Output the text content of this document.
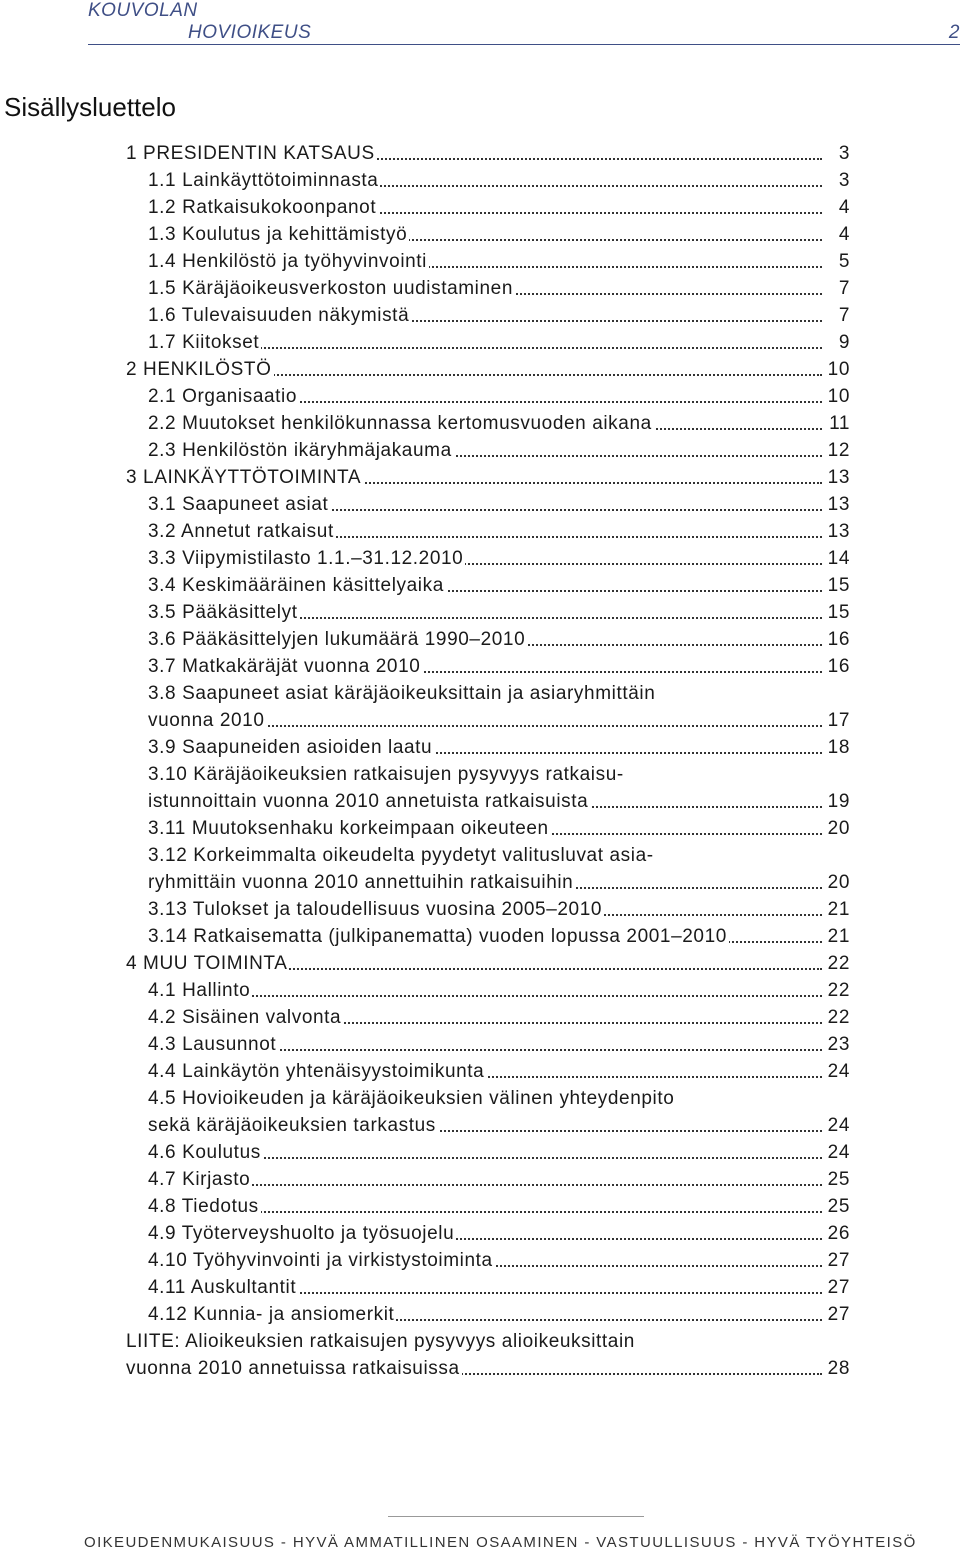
KOUVOLAN
HOVIOIKEUS	2
Sisällysluettelo
1 PRESIDENTIN KATSAUS	3
1.1 Lainkäyttötoiminnasta	3
1.2 Ratkaisukokoonpanot	4
1.3 Koulutus ja kehittämistyö	4
1.4 Henkilöstö ja työhyvinvointi	5
1.5 Käräjäoikeusverkoston uudistaminen	7
1.6 Tulevaisuuden näkymistä	7
1.7 Kiitokset	9
2 HENKILÖSTÖ	10
2.1 Organisaatio	10
2.2 Muutokset henkilökunnassa kertomusvuoden aikana	11
2.3 Henkilöstön ikäryhmäjakauma	12
3 LAINKÄYTTÖTOIMINTA	13
3.1 Saapuneet asiat	13
3.2 Annetut ratkaisut	13
3.3 Viipymistilasto 1.1.–31.12.2010	14
3.4 Keskimääräinen käsittelyaika	15
3.5 Pääkäsittelyt	15
3.6 Pääkäsittelyjen lukumäärä 1990–2010	16
3.7 Matkakäräjät vuonna 2010	16
3.8 Saapuneet asiat käräjäoikeuksittain ja asiaryhmittäin
vuonna 2010	17
3.9 Saapuneiden asioiden laatu	18
3.10 Käräjäoikeuksien ratkaisujen pysyvyys ratkaisu-
istunnoittain vuonna 2010 annetuista ratkaisuista	19
3.11 Muutoksenhaku korkeimpaan oikeuteen	20
3.12 Korkeimmalta oikeudelta pyydetyt valitusluvat asia-
ryhmittäin vuonna 2010 annettuihin ratkaisuihin	20
3.13 Tulokset ja taloudellisuus vuosina 2005–2010	21
3.14 Ratkaisematta (julkipanematta) vuoden lopussa 2001–2010	21
4 MUU TOIMINTA	22
4.1 Hallinto	22
4.2 Sisäinen valvonta	22
4.3 Lausunnot	23
4.4 Lainkäytön yhtenäisyystoimikunta	24
4.5 Hovioikeuden ja käräjäoikeuksien välinen yhteydenpito
sekä käräjäoikeuksien tarkastus	24
4.6 Koulutus	24
4.7 Kirjasto	25
4.8 Tiedotus	25
4.9 Työterveyshuolto ja työsuojelu	26
4.10 Työhyvinvointi ja virkistystoiminta	27
4.11 Auskultantit	27
4.12 Kunnia- ja ansiomerkit	27
LIITE: Alioikeuksien ratkaisujen pysyvyys alioikeuksittain
vuonna 2010 annetuissa ratkaisuissa	28
OIKEUDENMUKAISUUS - HYVÄ AMMATILLINEN OSAAMINEN - VASTUULLISUUS - HYVÄ TYÖYHTEISÖ
